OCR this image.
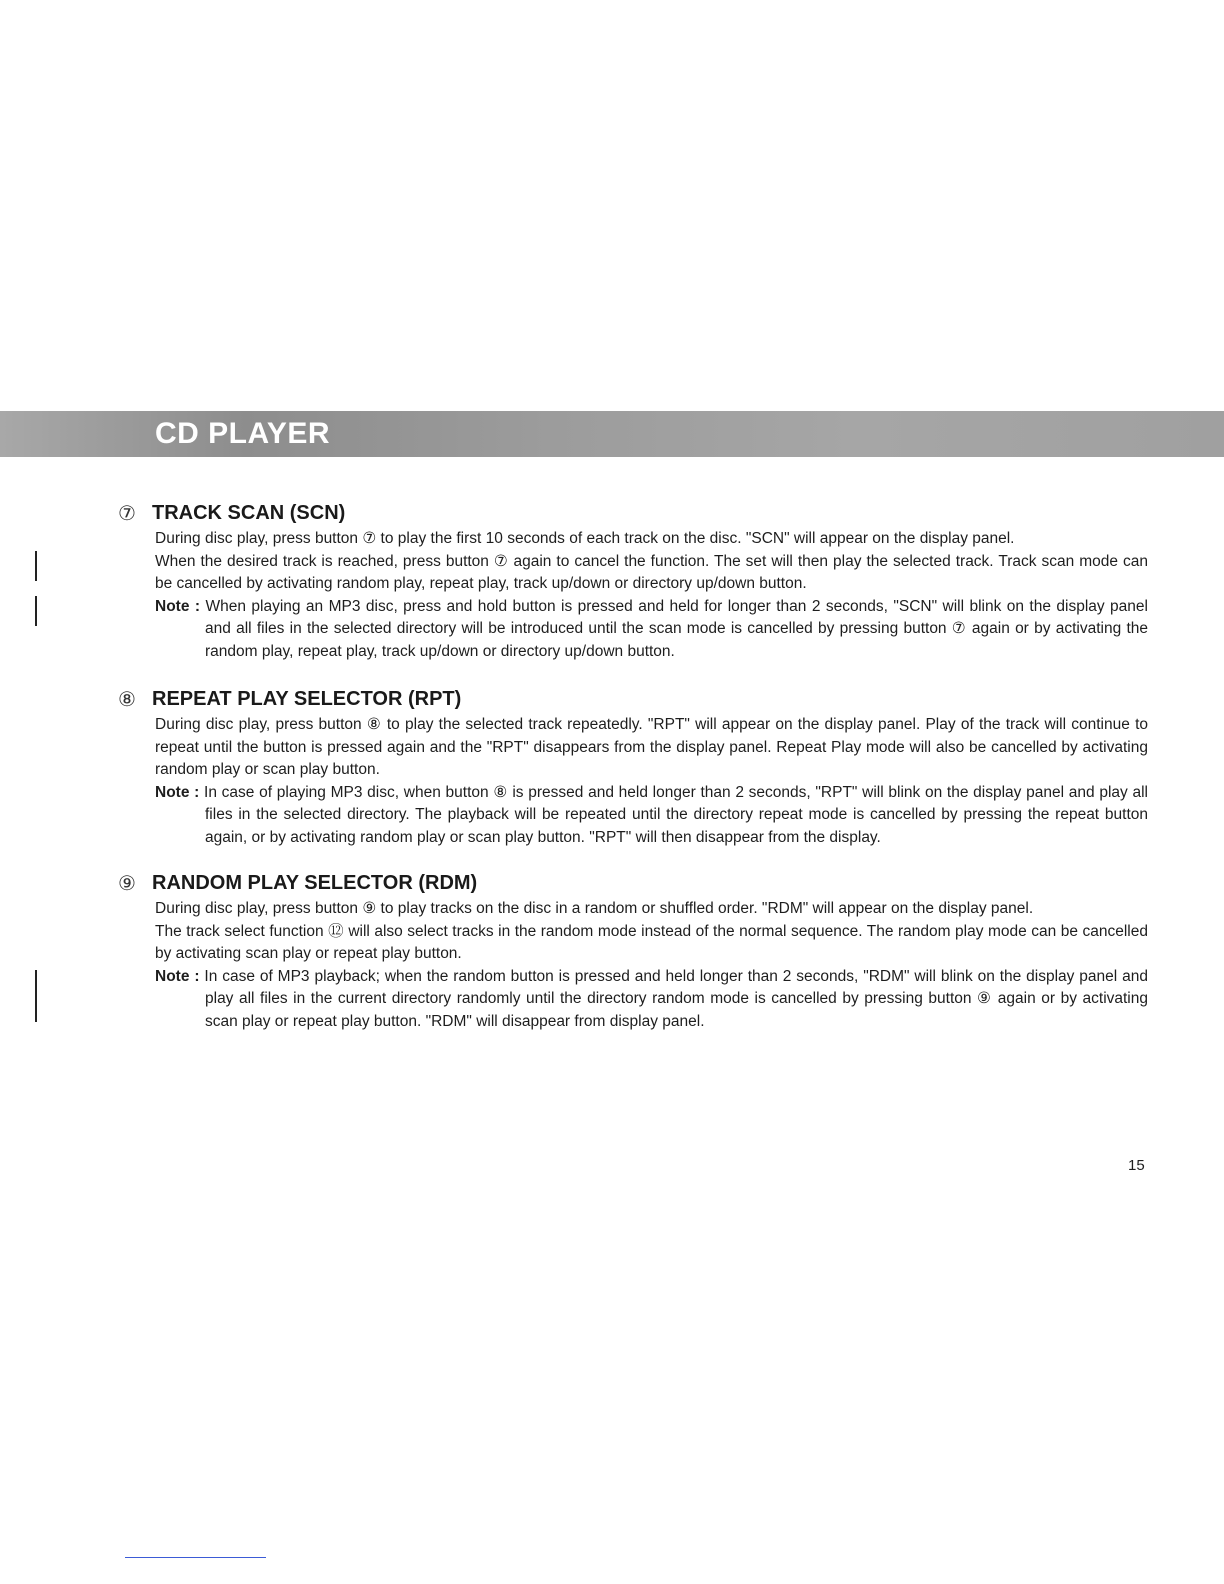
CD PLAYER
⑦ TRACK SCAN (SCN)

During disc play, press button ⑦ to play the first 10 seconds of each track on the disc. "SCN" will appear on the display panel.

When the desired track is reached, press button ⑦ again to cancel the function. The set will then play the selected track. Track scan mode can be cancelled by activating random play, repeat play, track up/down or directory up/down button.

Note : When playing an MP3 disc, press and hold button is pressed and held for longer than 2 seconds, "SCN" will blink on the display panel and all files in the selected directory will be introduced until the scan mode is cancelled by pressing button ⑦ again or by activating the random play, repeat play, track up/down or directory up/down button.
⑧ REPEAT PLAY SELECTOR (RPT)

During disc play, press button ⑧ to play the selected track repeatedly. "RPT" will appear on the display panel. Play of the track will continue to repeat until the button is pressed again and the "RPT" disappears from the display panel. Repeat Play mode will also be cancelled by activating random play or scan play button.

Note : In case of playing MP3 disc, when button ⑧ is pressed and held longer than 2 seconds, "RPT" will blink on the display panel and play all files in the selected directory. The playback will be repeated until the directory repeat mode is cancelled by pressing the repeat button again, or by activating random play or scan play button. "RPT" will then disappear from the display.
⑨ RANDOM PLAY SELECTOR (RDM)

During disc play, press button ⑨ to play tracks on the disc in a random or shuffled order. "RDM" will appear on the display panel.

The track select function ⑫ will also select tracks in the random mode instead of the normal sequence. The random play mode can be cancelled by activating scan play or repeat play button.

Note : In case of MP3 playback; when the random button is pressed and held longer than 2 seconds, "RDM" will blink on the display panel and play all files in the current directory randomly until the directory random mode is cancelled by pressing button ⑨ again or by activating scan play or repeat play button. "RDM" will disappear from display panel.
15
